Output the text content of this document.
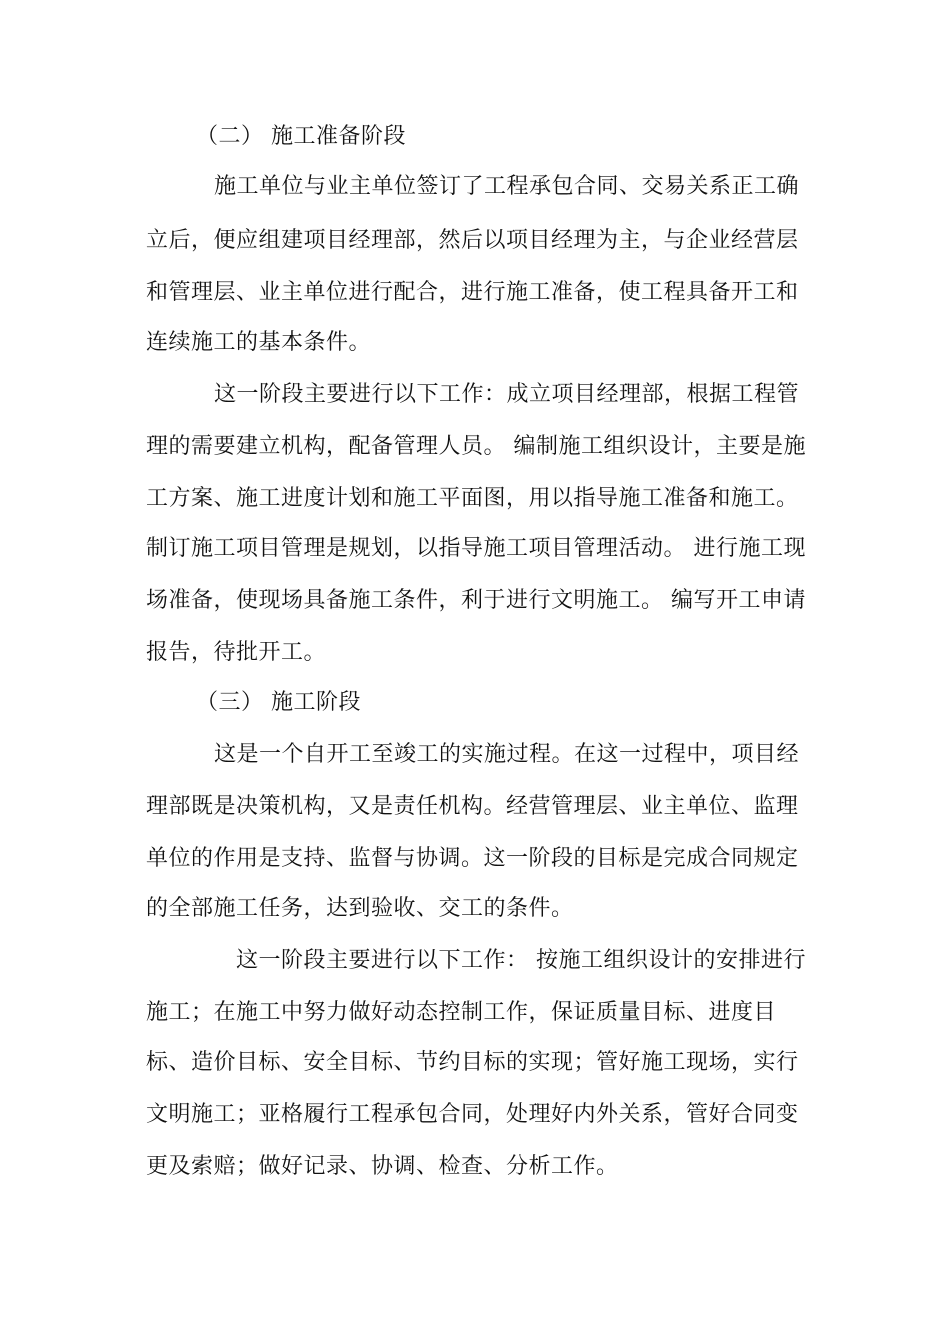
（二） 施工准备阶段
施工单位与业主单位签订了工程承包合同、交易关系正工确
立后，便应组建项目经理部，然后以项目经理为主，与企业经营层
和管理层、业主单位进行配合，进行施工准备，使工程具备开工和
连续施工的基本条件。
这一阶段主要进行以下工作：成立项目经理部，根据工程管
理的需要建立机构，配备管理人员。 编制施工组织设计，主要是施
工方案、施工进度计划和施工平面图，用以指导施工准备和施工。
制订施工项目管理是规划，以指导施工项目管理活动。 进行施工现
场准备，使现场具备施工条件，利于进行文明施工。 编写开工申请
报告，待批开工。
（三） 施工阶段
这是一个自开工至竣工的实施过程。在这一过程中，项目经
理部既是决策机构，又是责任机构。经营管理层、业主单位、监理
单位的作用是支持、监督与协调。这一阶段的目标是完成合同规定
的全部施工任务，达到验收、交工的条件。
这一阶段主要进行以下工作： 按施工组织设计的安排进行
施工；在施工中努力做好动态控制工作，保证质量目标、进度目
标、造价目标、安全目标、节约目标的实现；管好施工现场，实行
文明施工；亚格履行工程承包合同，处理好内外关系，管好合同变
更及索赔；做好记录、协调、检查、分析工作。
